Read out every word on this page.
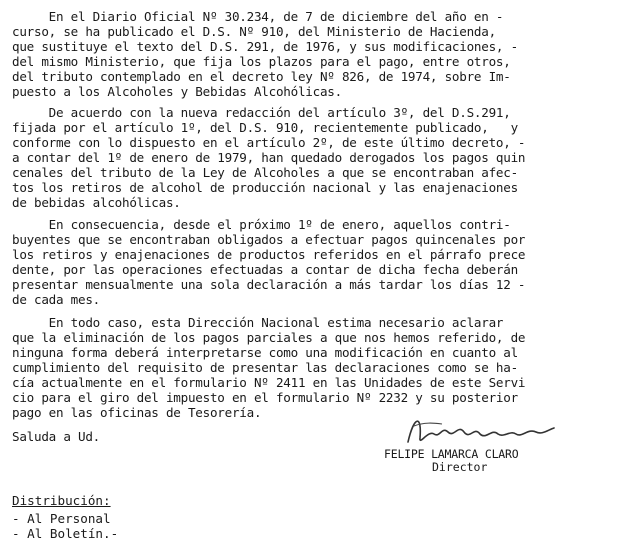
En el Diario Oficial Nº 30.234, de 7 de diciembre del año en -
curso, se ha publicado el D.S. Nº 910, del Ministerio de Hacienda,
que sustituye el texto del D.S. 291, de 1976, y sus modificaciones, -
del mismo Ministerio, que fija los plazos para el pago, entre otros,
del tributo contemplado en el decreto ley Nº 826, de 1974, sobre Im-
puesto a los Alcoholes y Bebidas Alcohólicas.
De acuerdo con la nueva redacción del artículo 3º, del D.S.291,
fijada por el artículo 1º, del D.S. 910, recientemente publicado,   y
conforme con lo dispuesto en el artículo 2º, de este último decreto, -
a contar del 1º de enero de 1979, han quedado derogados los pagos quin
cenales del tributo de la Ley de Alcoholes a que se encontraban afec-
tos los retiros de alcohol de producción nacional y las enajenaciones
de bebidas alcohólicas.
En consecuencia, desde el próximo 1º de enero, aquellos contri-
buyentes que se encontraban obligados a efectuar pagos quincenales por
los retiros y enajenaciones de productos referidos en el párrafo prece
dente, por las operaciones efectuadas a contar de dicha fecha deberán
presentar mensualmente una sola declaración a más tardar los días 12 -
de cada mes.
En todo caso, esta Dirección Nacional estima necesario aclarar
que la eliminación de los pagos parciales a que nos hemos referido, de
ninguna forma deberá interpretarse como una modificación en cuanto al
cumplimiento del requisito de presentar las declaraciones como se ha-
cía actualmente en el formulario Nº 2411 en las Unidades de este Servi
cio para el giro del impuesto en el formulario Nº 2232 y su posterior
pago en las oficinas de Tesorería.
Saluda a Ud.
FELIPE LAMARCA CLARO
Director
Distribución:
- Al Personal
- Al Boletín.-
